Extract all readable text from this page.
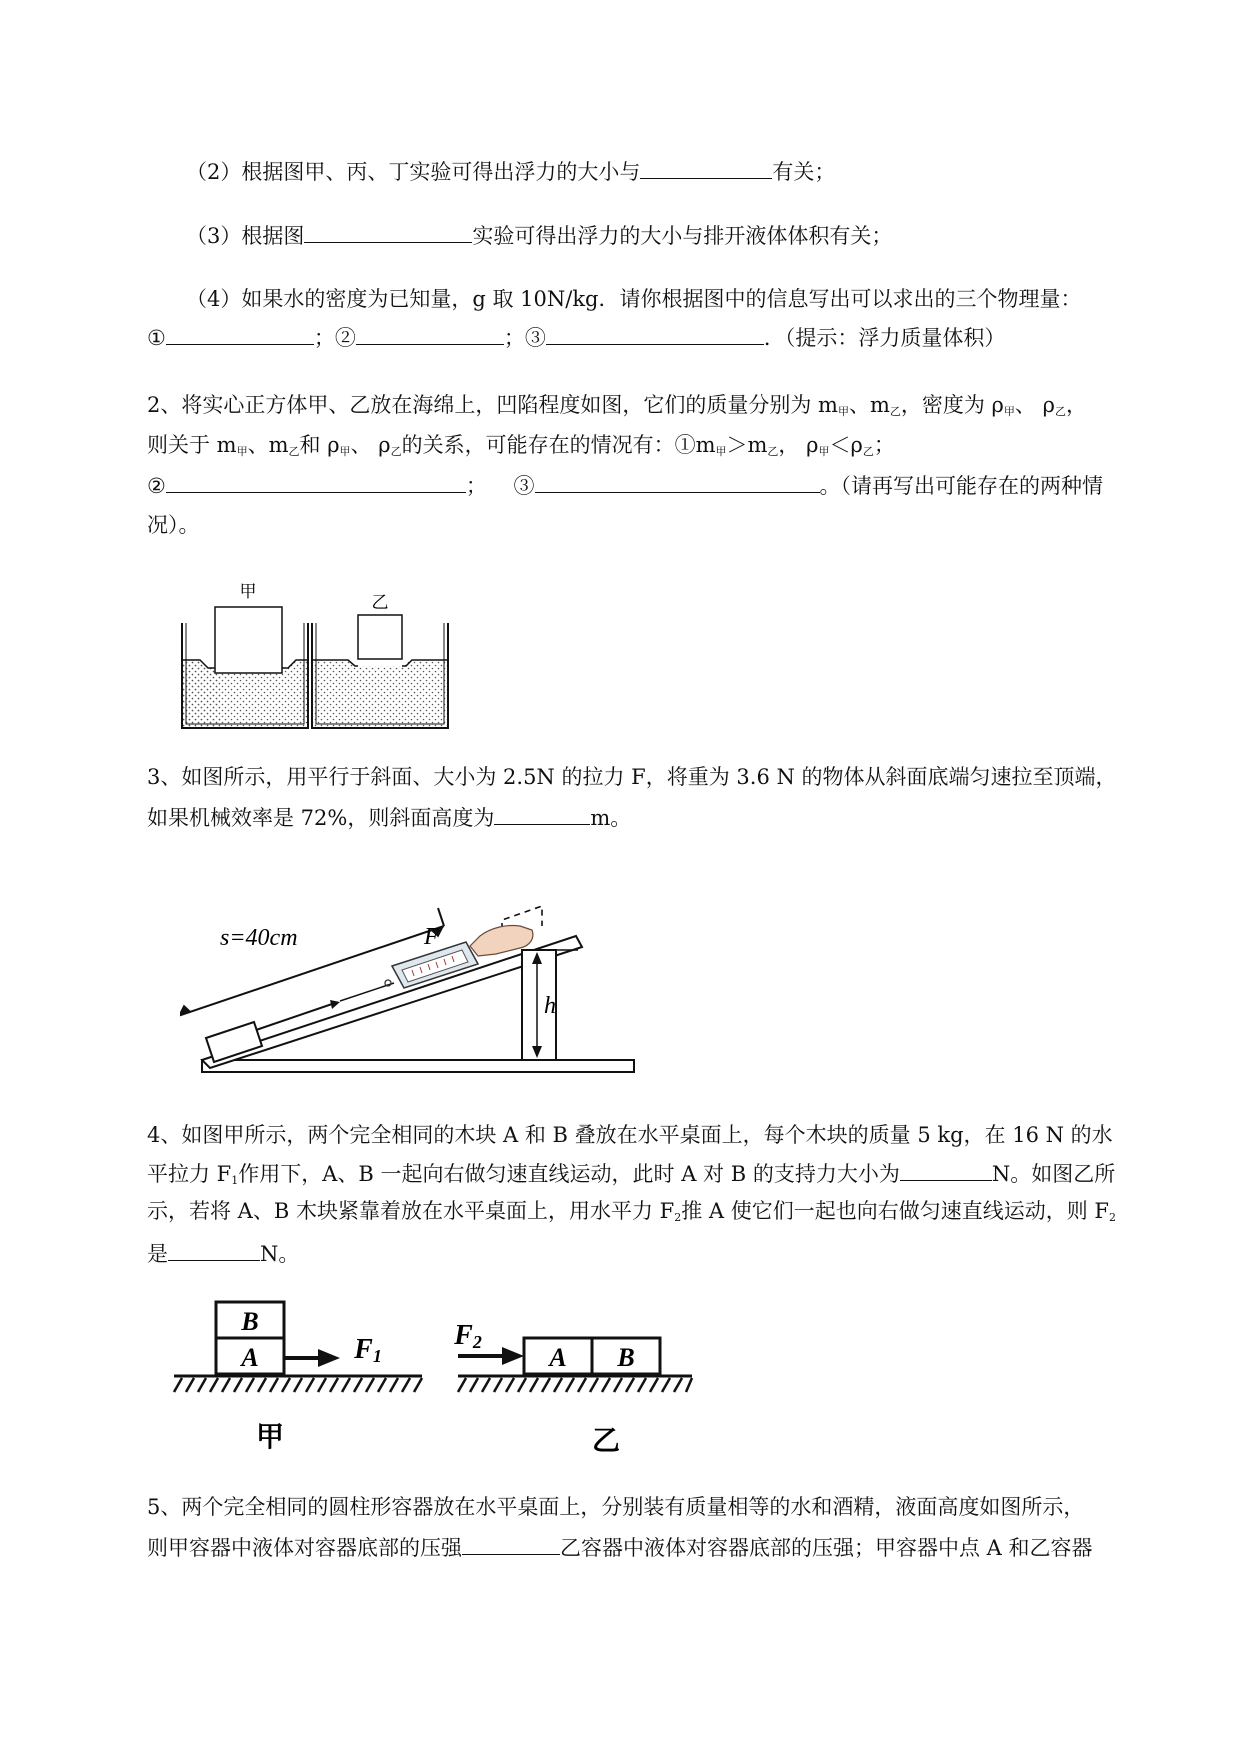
（2）根据图甲、丙、丁实验可得出浮力的大小与	有关；
（3）根据图	实验可得出浮力的大小与排开液体体积有关；
（4）如果水的密度为已知量，g 取 10N/kg．请你根据图中的信息写出可以求出的三个物理量：
①	；②	；③	．（提示：浮力质量体积）
2、将实心正方体甲、乙放在海绵上，凹陷程度如图，它们的质量分别为 $m_甲$、$m_乙$，密度为 $\rho_甲$、 $\rho_乙$，
则关于 $m_甲$、$m_乙$和 $\rho_甲$、 $\rho_乙$的关系，可能存在的情况有：$①m_甲>m_乙$， $\rho_甲<\rho_乙$；
②	；    ③	。（请再写出可能存在的两种情
况）。
甲
乙
3、如图所示，用平行于斜面、大小为 2.5N 的拉力 F，将重为 3.6 N 的物体从斜面底端匀速拉至顶端，
如果机械效率是 72%，则斜面高度为	m。
s=40cm	F
h
4、如图甲所示，两个完全相同的木块 A 和 B 叠放在水平桌面上，每个木块的质量 5 kg，在 16 N 的水
平拉力 $F_1$作用下，A、B 一起向右做匀速直线运动，此时 A 对 B 的支持力大小为	N。如图乙所
示，若将 A、B 木块紧靠着放在水平桌面上，用水平力 $F_2$推 A 使它们一起也向右做匀速直线运动，则 $F_2$
是	N。
B
A	F1
甲
F2
A B
乙
5、两个完全相同的圆柱形容器放在水平桌面上，分别装有质量相等的水和酒精，液面高度如图所示，
则甲容器中液体对容器底部的压强	乙容器中液体对容器底部的压强；甲容器中点 A 和乙容器
